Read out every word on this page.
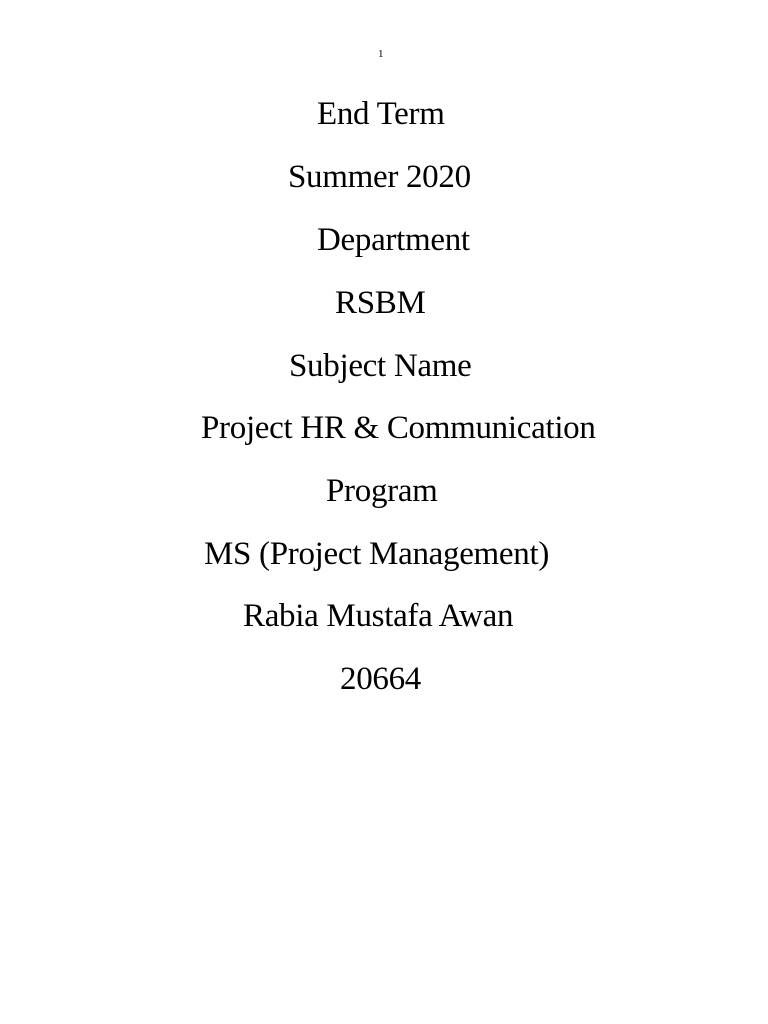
1
End Term
Summer 2020
Department
RSBM
Subject Name
Project HR & Communication
Program
MS (Project Management)
Rabia Mustafa Awan
20664
